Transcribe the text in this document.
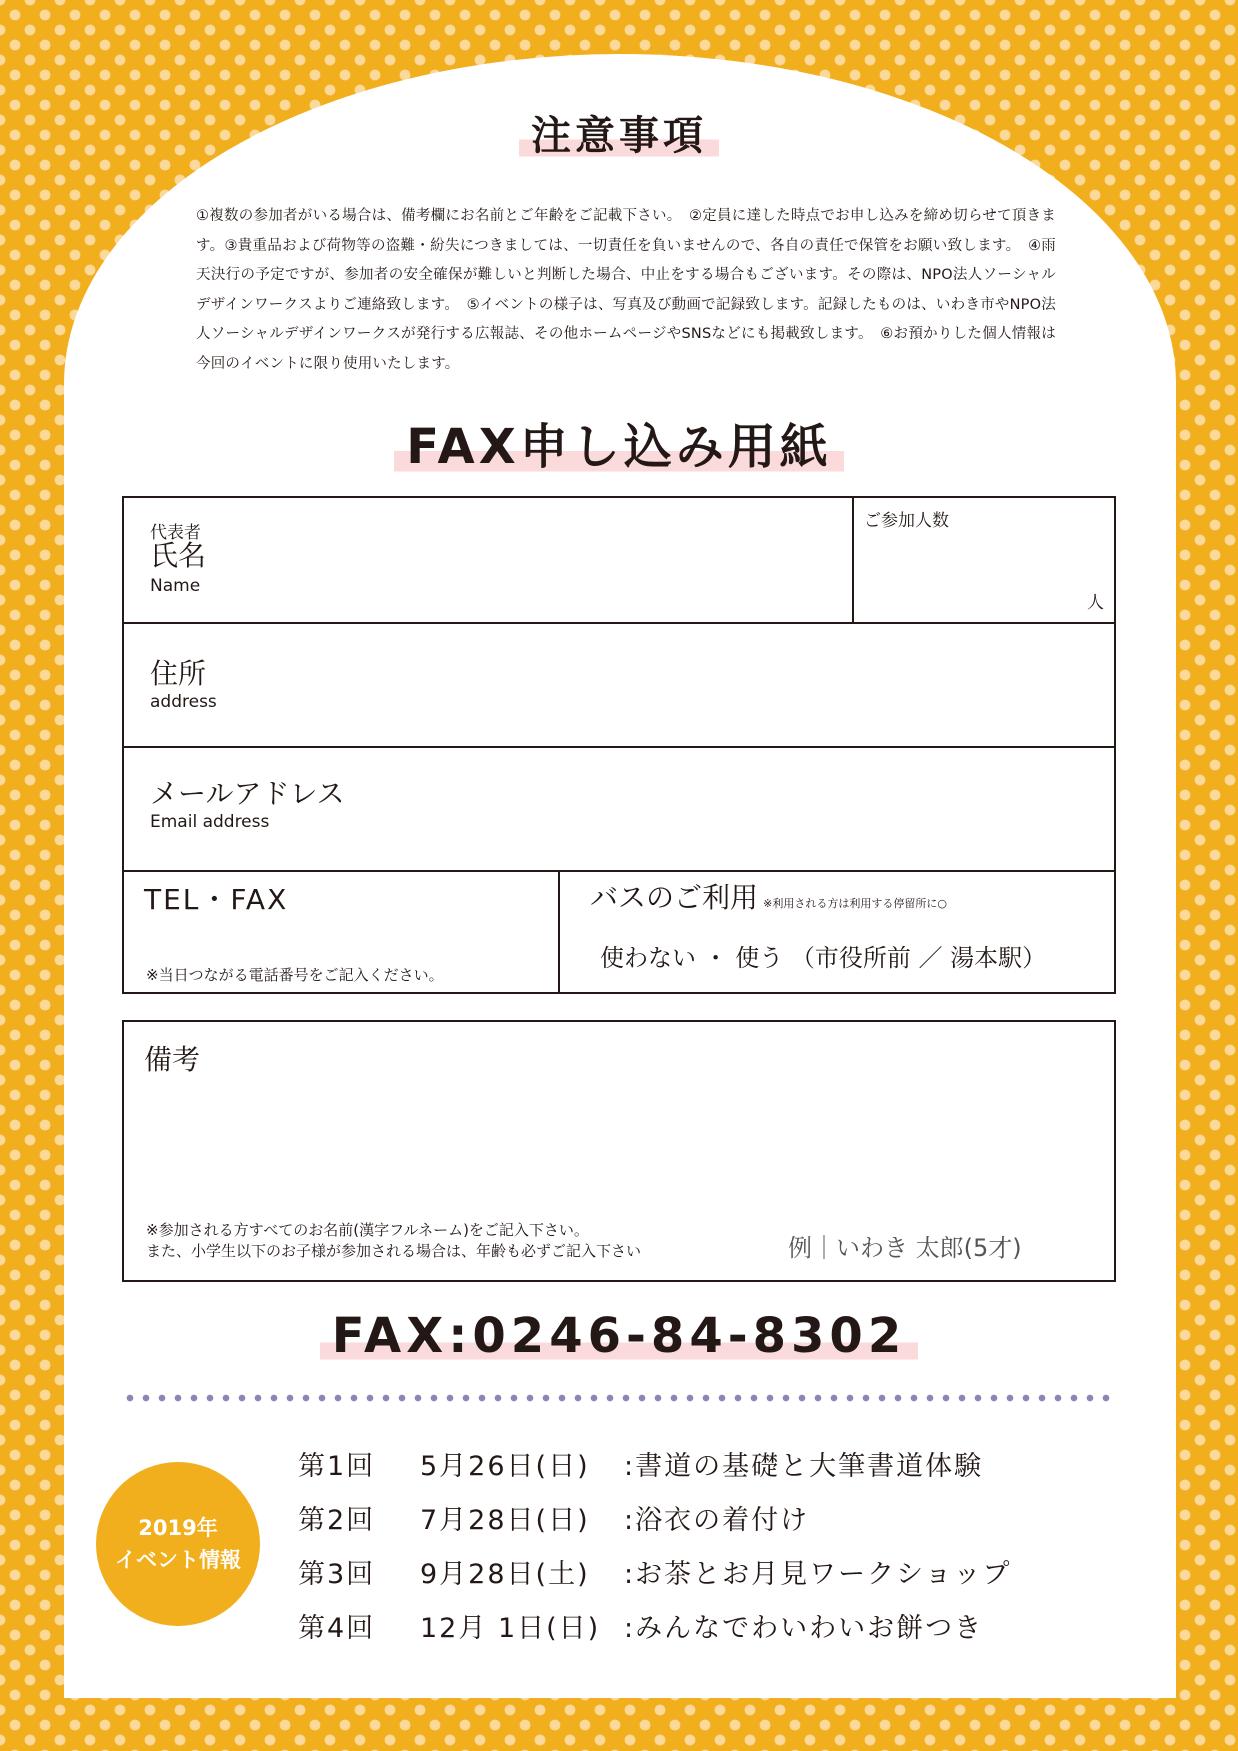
注意事項
①複数の参加者がいる場合は、備考欄にお名前とご年齢をご記載下さい。　②定員に達した時点でお申し込みを締め切らせて頂きます。③貴重品および荷物等の盗難・紛失につきましては、一切責任を負いませんので、各自の責任で保管をお願い致します。　④雨天決行の予定ですが、参加者の安全確保が難しいと判断した場合、中止をする場合もございます。その際は、NPO法人ソーシャルデザインワークスよりご連絡致します。　⑤イベントの様子は、写真及び動画で記録致します。記録したものは、いわき市やNPO法人ソーシャルデザインワークスが発行する広報誌、その他ホームページやSNSなどにも掲載致します。　⑥お預かりした個人情報は今回のイベントに限り使用いたします。
FAX申し込み用紙
代表者
氏名
Name
ご参加人数
人
住所
address
メールアドレス
Email address
TEL・FAX
※当日つながる電話番号をご記入ください。
バスのご利用 ※利用される方は利用する停留所に○
使わない ・ 使う （市役所前 ／ 湯本駅）
備考
※参加される方すべてのお名前(漢字フルネーム)をご記入下さい。
また、小学生以下のお子様が参加される場合は、年齢も必ずご記入下さい	例｜いわき 太郎(5才)
FAX:0246-84-8302
2019年
イベント情報
第1回	5月26日(日)	:書道の基礎と大筆書道体験
第2回	7月28日(日)	:浴衣の着付け
第3回	9月28日(土)	:お茶とお月見ワークショップ
第4回	12月 1日(日) :みんなでわいわいお餅つき
